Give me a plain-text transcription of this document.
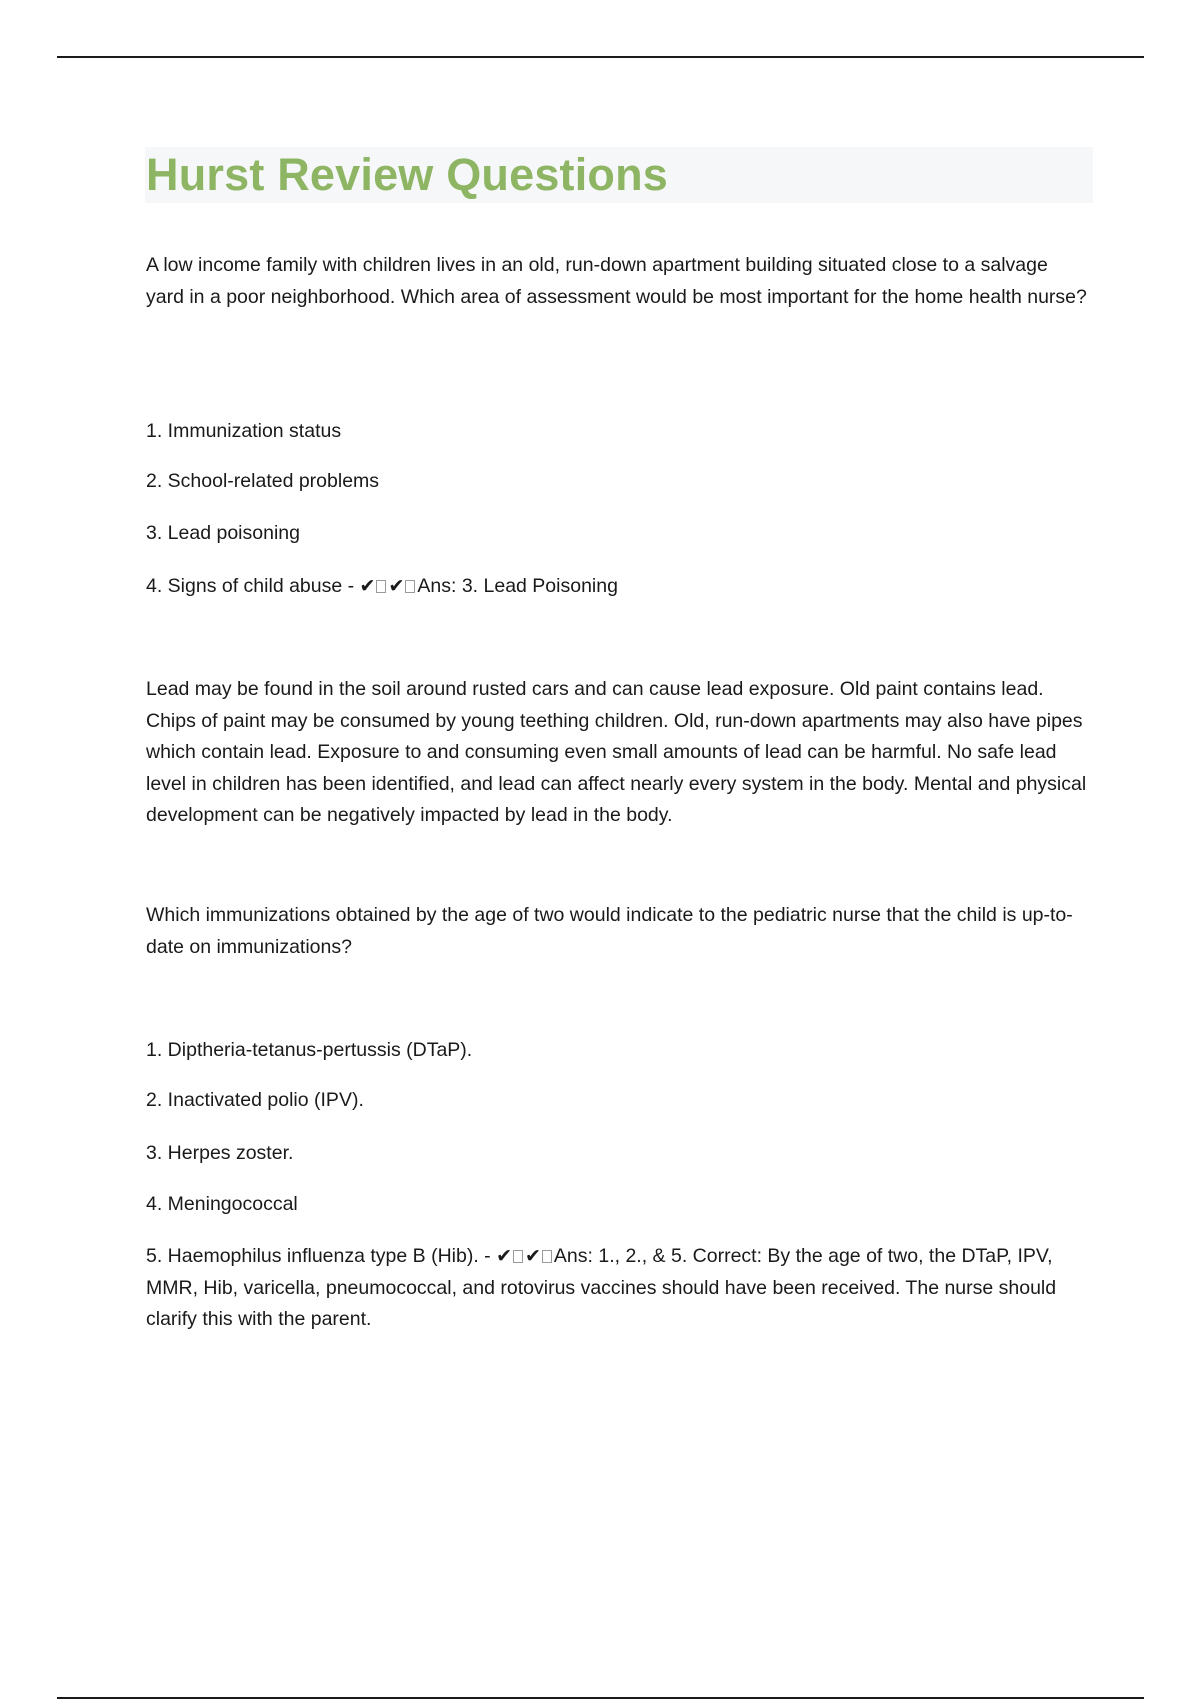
Hurst Review Questions

A low income family with children lives in an old, run-down apartment building situated close to a salvage yard in a poor neighborhood. Which area of assessment would be most important for the home health nurse?

1. Immunization status

2. School-related problems

3. Lead poisoning

4. Signs of child abuse - ✔ ✔ Ans: 3. Lead Poisoning

Lead may be found in the soil around rusted cars and can cause lead exposure. Old paint contains lead. Chips of paint may be consumed by young teething children. Old, run-down apartments may also have pipes which contain lead. Exposure to and consuming even small amounts of lead can be harmful. No safe lead level in children has been identified, and lead can affect nearly every system in the body. Mental and physical development can be negatively impacted by lead in the body.

Which immunizations obtained by the age of two would indicate to the pediatric nurse that the child is up-to-date on immunizations?

1. Diptheria-tetanus-pertussis (DTaP).

2. Inactivated polio (IPV).

3. Herpes zoster.

4. Meningococcal

5. Haemophilus influenza type B (Hib). - ✔ ✔ Ans: 1., 2., & 5. Correct: By the age of two, the DTaP, IPV, MMR, Hib, varicella, pneumococcal, and rotovirus vaccines should have been received. The nurse should clarify this with the parent.
